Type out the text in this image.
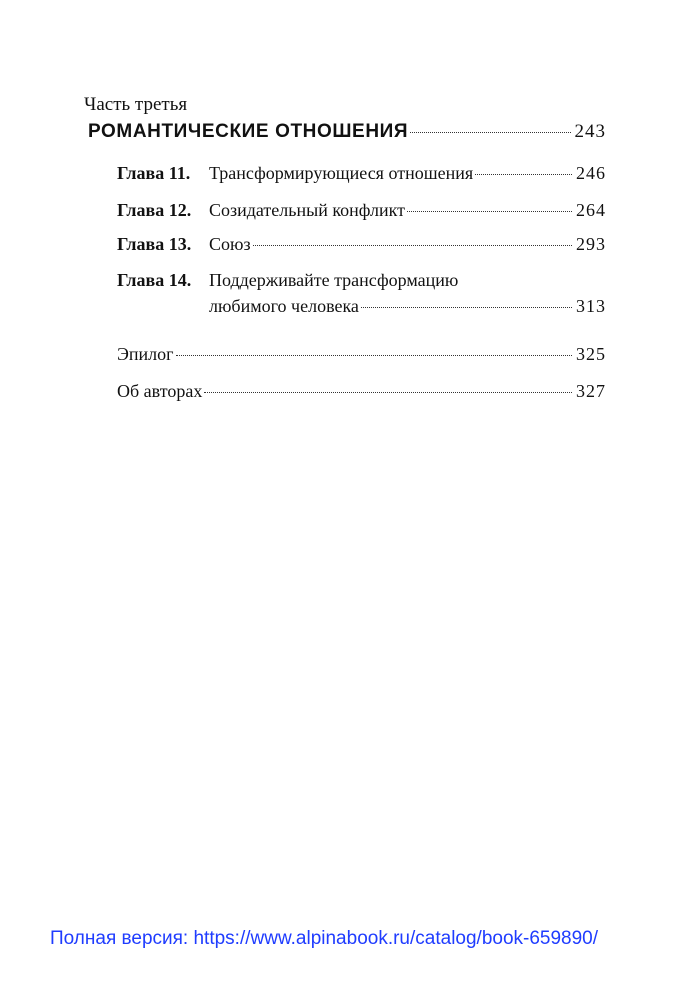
Часть третья
РОМАНТИЧЕСКИЕ ОТНОШЕНИЯ	243
Глава 11.	Трансформирующиеся отношения	246
Глава 12. Созидательный конфликт	264
Глава 13. Союз	293
Глава 14. Поддерживайте трансформацию
любимого человека	313
Эпилог	325
Об авторах	327
Полная версия: https://www.alpinabook.ru/catalog/book-659890/
